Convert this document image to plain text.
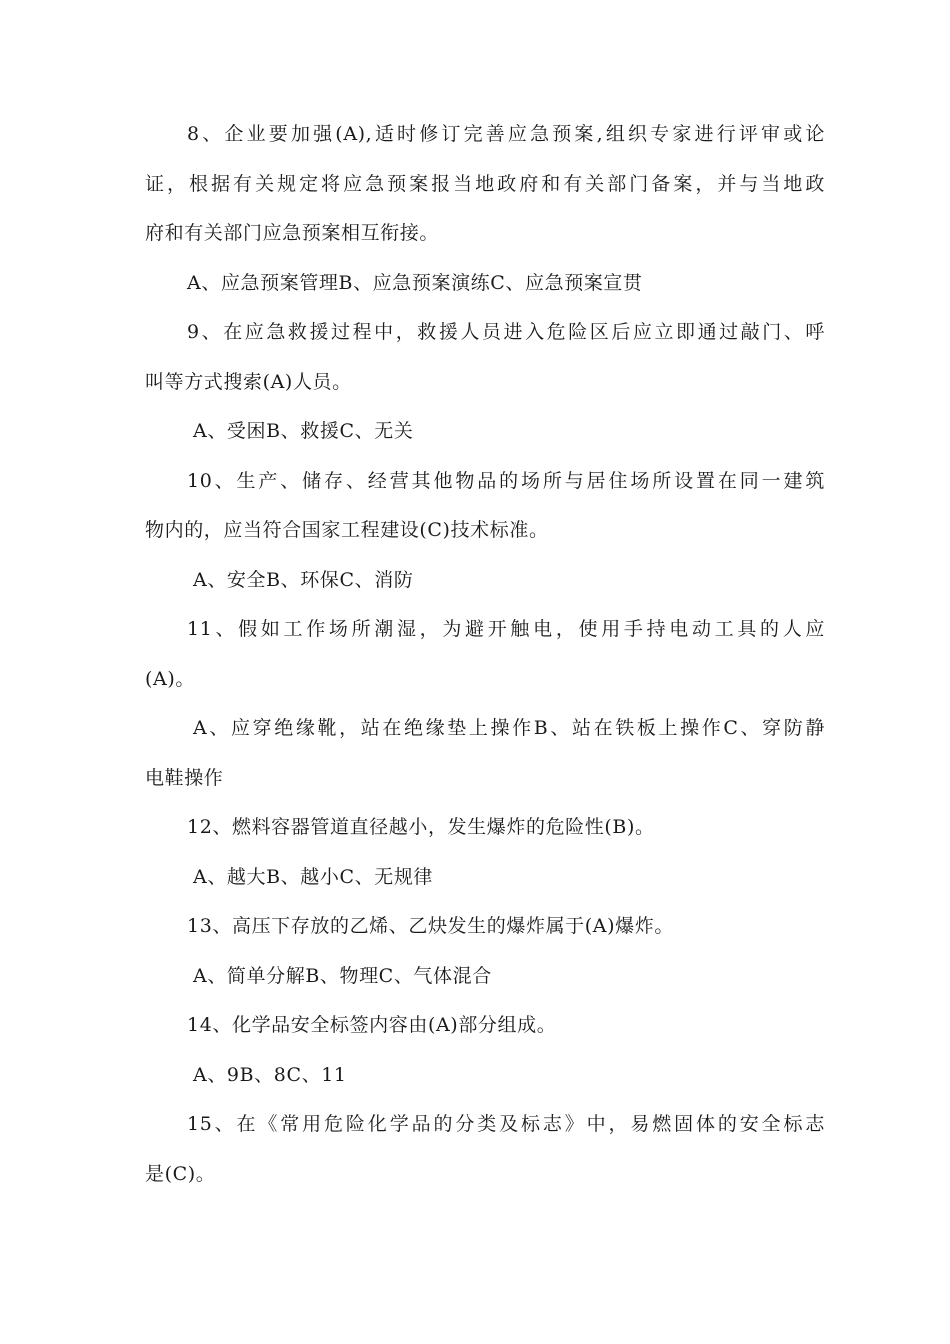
8、企业要加强(A),适时修订完善应急预案,组织专家进行评审或论
证，根据有关规定将应急预案报当地政府和有关部门备案，并与当地政
府和有关部门应急预案相互衔接。
A、应急预案管理B、应急预案演练C、应急预案宣贯
9、在应急救援过程中，救援人员进入危险区后应立即通过敲门、呼
叫等方式搜索(A)人员。
A、受困B、救援C、无关
10、生产、储存、经营其他物品的场所与居住场所设置在同一建筑
物内的，应当符合国家工程建设(C)技术标准。
A、安全B、环保C、消防
11、假如工作场所潮湿，为避开触电，使用手持电动工具的人应
(A)。
A、应穿绝缘靴，站在绝缘垫上操作B、站在铁板上操作C、穿防静
电鞋操作
12、燃料容器管道直径越小，发生爆炸的危险性(B)。
A、越大B、越小C、无规律
13、高压下存放的乙烯、乙炔发生的爆炸属于(A)爆炸。
A、简单分解B、物理C、气体混合
14、化学品安全标签内容由(A)部分组成。
A、9B、8C、11
15、在《常用危险化学品的分类及标志》中，易燃固体的安全标志
是(C)。
